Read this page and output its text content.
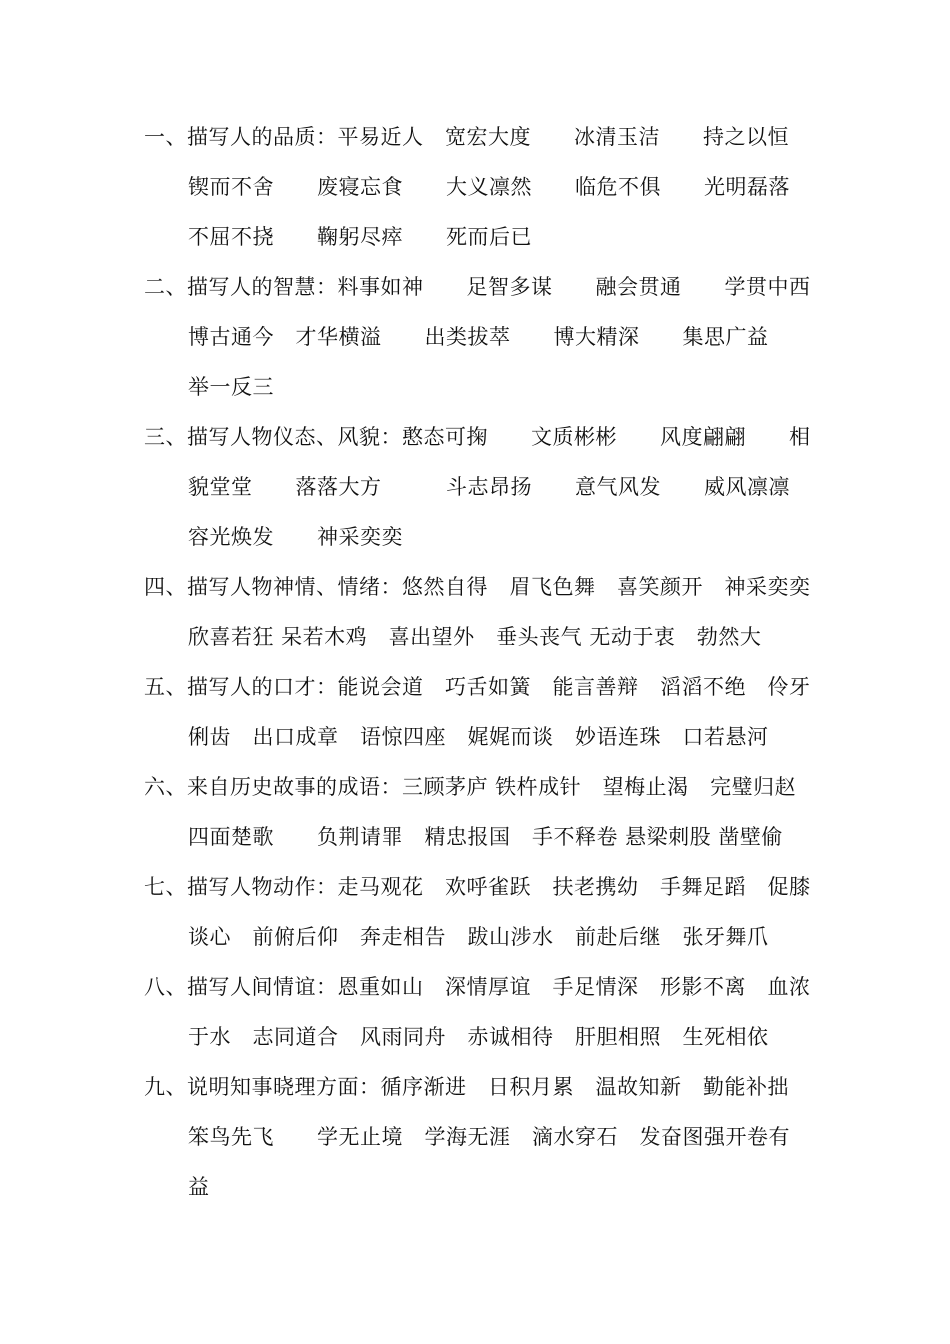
一、描写人的品质：平易近人　宽宏大度　　冰清玉洁　　持之以恒
锲而不舍　　废寝忘食　　大义凛然　　临危不俱　　光明磊落
不屈不挠　　鞠躬尽瘁　　死而后已
二、描写人的智慧：料事如神　　足智多谋　　融会贯通　　学贯中西
博古通今　才华横溢　　出类拔萃　　博大精深　　集思广益
举一反三
三、描写人物仪态、风貌：憨态可掬　　文质彬彬　　风度翩翩　　相
貌堂堂　　落落大方　　　斗志昂扬　　意气风发　　威风凛凛
容光焕发　　神采奕奕
四、描写人物神情、情绪：悠然自得　眉飞色舞　喜笑颜开　神采奕奕
欣喜若狂 呆若木鸡　喜出望外　垂头丧气 无动于衷　勃然大
五、描写人的口才：能说会道　巧舌如簧　能言善辩　滔滔不绝　伶牙
俐齿　出口成章　语惊四座　娓娓而谈　妙语连珠　口若悬河
六、来自历史故事的成语：三顾茅庐 铁杵成针　望梅止渴　完璧归赵
四面楚歌　　负荆请罪　精忠报国　手不释卷 悬梁刺股 凿壁偷
七、描写人物动作：走马观花　欢呼雀跃　扶老携幼　手舞足蹈　促膝
谈心　前俯后仰　奔走相告　跋山涉水　前赴后继　张牙舞爪
八、描写人间情谊：恩重如山　深情厚谊　手足情深　形影不离　血浓
于水　志同道合　风雨同舟　赤诚相待　肝胆相照　生死相依
九、说明知事晓理方面：循序渐进　日积月累　温故知新　勤能补拙
笨鸟先飞　　学无止境　学海无涯　滴水穿石　发奋图强开卷有
益
